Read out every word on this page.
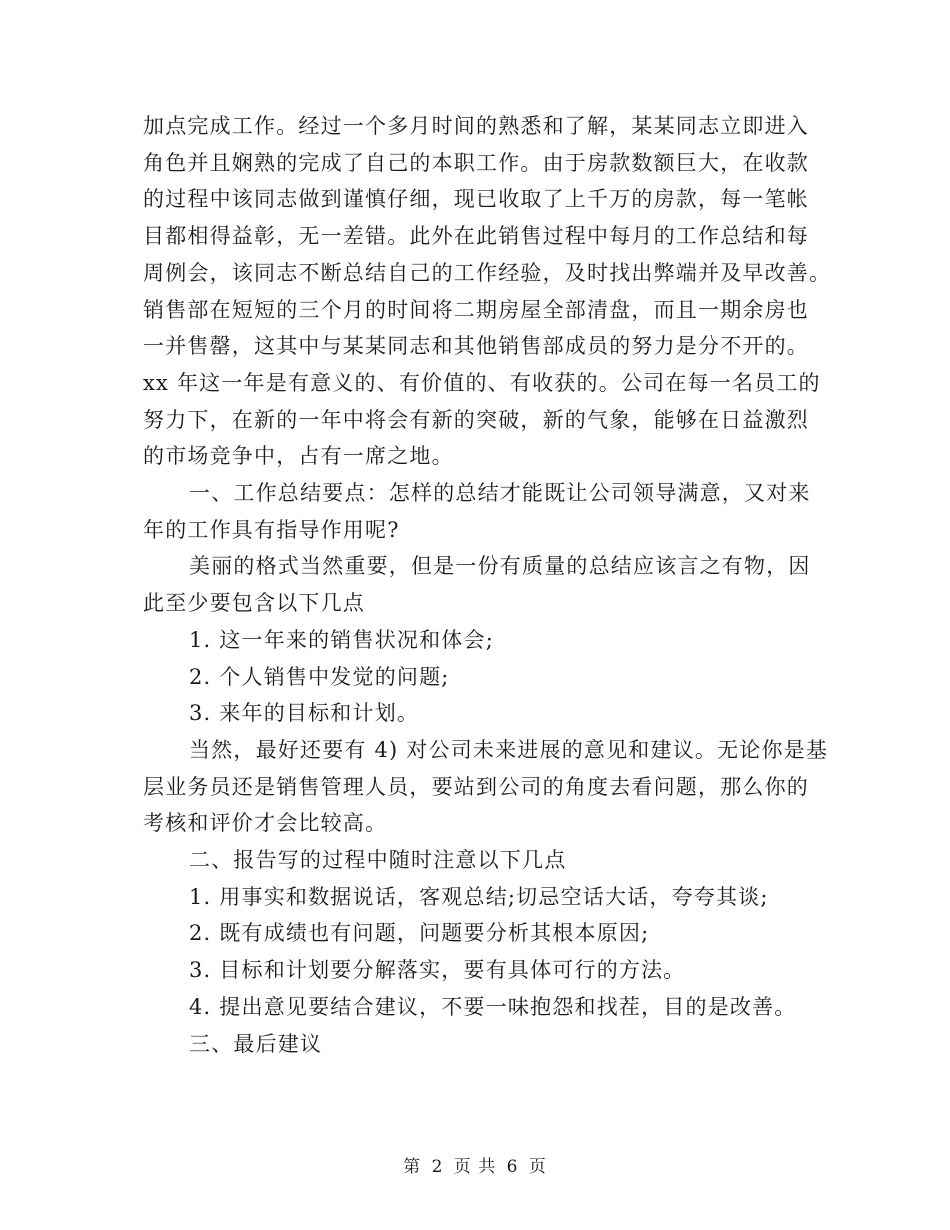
加点完成工作。经过一个多月时间的熟悉和了解，某某同志立即进入
角色并且娴熟的完成了自己的本职工作。由于房款数额巨大，在收款
的过程中该同志做到谨慎仔细，现已收取了上千万的房款，每一笔帐
目都相得益彰，无一差错。此外在此销售过程中每月的工作总结和每
周例会，该同志不断总结自己的工作经验，及时找出弊端并及早改善。
销售部在短短的三个月的时间将二期房屋全部清盘，而且一期余房也
一并售罄，这其中与某某同志和其他销售部成员的努力是分不开的。
xx 年这一年是有意义的、有价值的、有收获的。公司在每一名员工的
努力下，在新的一年中将会有新的突破，新的气象，能够在日益激烈
的市场竞争中，占有一席之地。
一、工作总结要点：怎样的总结才能既让公司领导满意，又对来
年的工作具有指导作用呢?
美丽的格式当然重要，但是一份有质量的总结应该言之有物，因
此至少要包含以下几点
1. 这一年来的销售状况和体会;
2. 个人销售中发觉的问题;
3. 来年的目标和计划。
当然，最好还要有 4) 对公司未来进展的意见和建议。无论你是基
层业务员还是销售管理人员，要站到公司的角度去看问题，那么你的
考核和评价才会比较高。
二、报告写的过程中随时注意以下几点
1. 用事实和数据说话，客观总结;切忌空话大话，夸夸其谈;
2. 既有成绩也有问题，问题要分析其根本原因;
3. 目标和计划要分解落实，要有具体可行的方法。
4. 提出意见要结合建议，不要一味抱怨和找茬，目的是改善。
三、最后建议
第 2 页 共 6 页
